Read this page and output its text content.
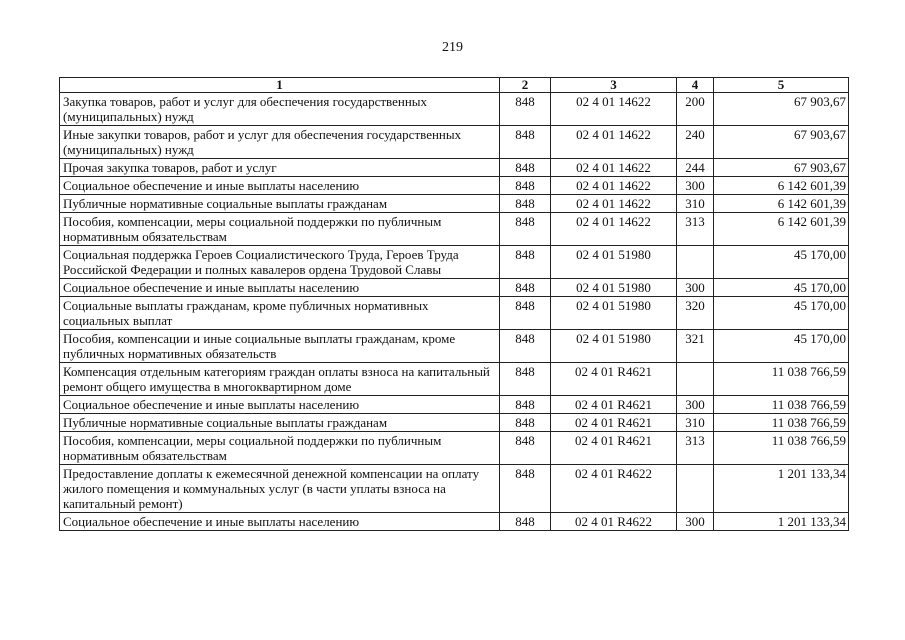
219
1	2	3	4	5
Закупка товаров, работ и услуг для обеспечения государственных (муниципальных) нужд	848	02 4 01 14622	200	67 903,67
Иные закупки товаров, работ и услуг для обеспечения государственных (муниципальных) нужд	848	02 4 01 14622	240	67 903,67
Прочая закупка товаров, работ и услуг	848	02 4 01 14622	244	67 903,67
Социальное обеспечение и иные выплаты населению	848	02 4 01 14622	300	6 142 601,39
Публичные нормативные социальные выплаты гражданам	848	02 4 01 14622	310	6 142 601,39
Пособия, компенсации, меры социальной поддержки по публичным нормативным обязательствам	848	02 4 01 14622	313	6 142 601,39
Социальная поддержка Героев Социалистического Труда, Героев Труда Российской Федерации и полных кавалеров ордена Трудовой Славы	848	02 4 01 51980		45 170,00
Социальное обеспечение и иные выплаты населению	848	02 4 01 51980	300	45 170,00
Социальные выплаты гражданам, кроме публичных нормативных социальных выплат	848	02 4 01 51980	320	45 170,00
Пособия, компенсации и иные социальные выплаты гражданам, кроме публичных нормативных обязательств	848	02 4 01 51980	321	45 170,00
Компенсация отдельным категориям граждан оплаты взноса на капитальный ремонт общего имущества в многоквартирном доме	848	02 4 01 R4621		11 038 766,59
Социальное обеспечение и иные выплаты населению	848	02 4 01 R4621	300	11 038 766,59
Публичные нормативные социальные выплаты гражданам	848	02 4 01 R4621	310	11 038 766,59
Пособия, компенсации, меры социальной поддержки по публичным нормативным обязательствам	848	02 4 01 R4621	313	11 038 766,59
Предоставление доплаты к ежемесячной денежной компенсации на оплату жилого помещения и коммунальных услуг (в части уплаты взноса на капитальный ремонт)	848	02 4 01 R4622		1 201 133,34
Социальное обеспечение и иные выплаты населению	848	02 4 01 R4622	300	1 201 133,34
